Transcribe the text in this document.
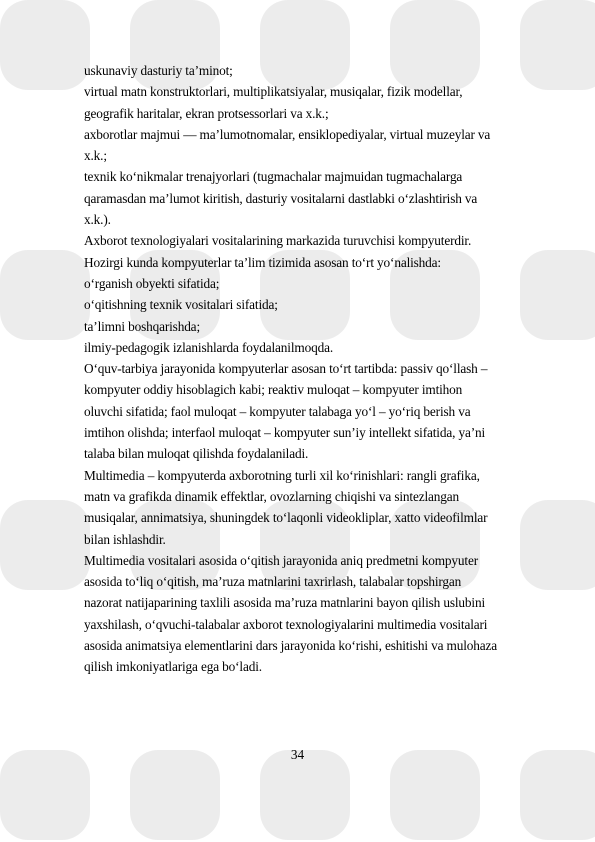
uskunaviy dasturiy ta’minot;
virtual matn konstruktorlari, multiplikatsiyalar, musiqalar, fizik modellar,
geografik haritalar, ekran protsessorlari va x.k.;
axborotlar majmui — ma’lumotnomalar, ensiklopediyalar, virtual muzeylar va
x.k.;
texnik ko‘nikmalar trenajyorlari (tugmachalar majmuidan tugmachalarga
qaramasdan ma’lumot kiritish, dasturiy vositalarni dastlabki o‘zlashtirish va
x.k.).
Axborot texnologiyalari vositalarining markazida turuvchisi kompyuterdir.
Hozirgi kunda kompyuterlar ta’lim tizimida asosan to‘rt yo‘nalishda:
o‘rganish obyekti sifatida;
o‘qitishning texnik vositalari sifatida;
ta’limni boshqarishda;
ilmiy-pedagogik izlanishlarda foydalanilmoqda.
O‘quv-tarbiya jarayonida kompyuterlar asosan to‘rt tartibda: passiv qo‘llash –
kompyuter oddiy hisoblagich kabi; reaktiv muloqat – kompyuter imtihon
oluvchi sifatida; faol muloqat – kompyuter talabaga yo‘l – yo‘riq berish va
imtihon olishda; interfaol muloqat – kompyuter sun’iy intellekt sifatida, ya’ni
talaba bilan muloqat qilishda foydalaniladi.
Multimedia – kompyuterda axborotning turli xil ko‘rinishlari: rangli grafika,
matn va grafikda dinamik effektlar, ovozlarning chiqishi va sintezlangan
musiqalar, annimatsiya, shuningdek to‘laqonli videokliplar, xatto videofilmlar
bilan ishlashdir.
Multimedia vositalari asosida o‘qitish jarayonida aniq predmetni kompyuter
asosida to‘liq o‘qitish, ma’ruza matnlarini taxrirlash, talabalar topshirgan
nazorat natijaparining taxlili asosida ma’ruza matnlarini bayon qilish uslubini
yaxshilash, o‘qvuchi-talabalar axborot texnologiyalarini multimedia vositalari
asosida animatsiya elementlarini dars jarayonida ko‘rishi, eshitishi va mulohaza
qilish imkoniyatlariga ega bo‘ladi.
34
